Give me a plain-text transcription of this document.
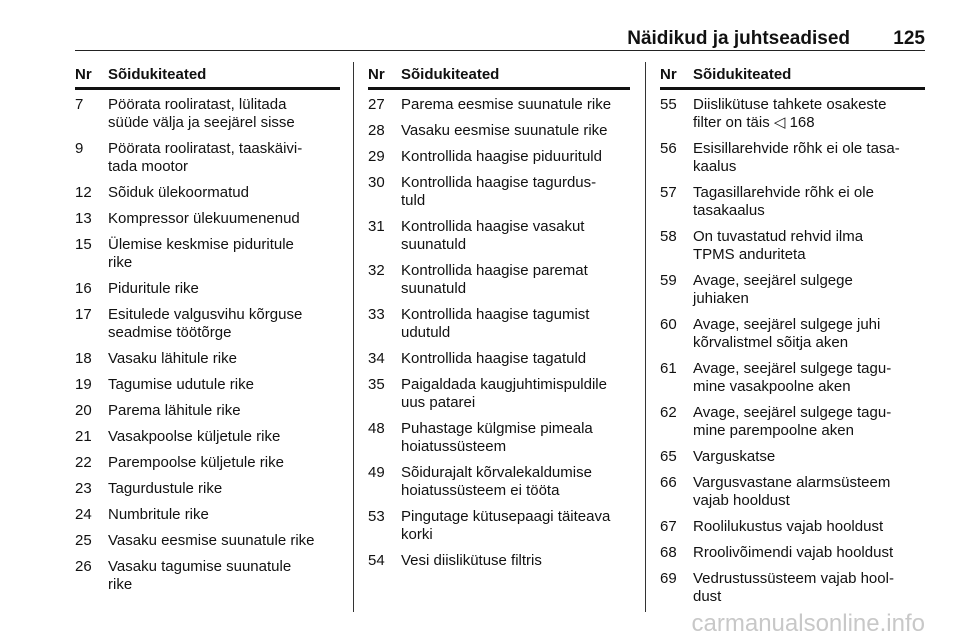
Näidikud ja juhtseadised 125
Nr	Sõidukiteated
7	Pöörata rooliratast, lülitada
süüde välja ja seejärel sisse
9	Pöörata rooliratast, taaskäivi-
tada mootor
12	Sõiduk ülekoormatud
13	Kompressor ülekuumenenud
15	Ülemise keskmise piduritule
rike
16	Piduritule rike
17	Esitulede valgusvihu kõrguse
seadmise töötõrge
18	Vasaku lähitule rike
19	Tagumise udutule rike
20	Parema lähitule rike
21	Vasakpoolse küljetule rike
22	Parempoolse küljetule rike
23	Tagurdustule rike
24	Numbritule rike
25	Vasaku eesmise suunatule rike
26	Vasaku tagumise suunatule
rike
Nr	Sõidukiteated
27	Parema eesmise suunatule rike
28	Vasaku eesmise suunatule rike
29	Kontrollida haagise piduurituld
30	Kontrollida haagise tagurdus-
tuld
31	Kontrollida haagise vasakut
suunatuld
32	Kontrollida haagise paremat
suunatuld
33	Kontrollida haagise tagumist
udutuld
34	Kontrollida haagise tagatuld
35	Paigaldada kaugjuhtimispuldile
uus patarei
48	Puhastage külgmise pimeala
hoiatussüsteem
49	Sõidurajalt kõrvalekaldumise
hoiatussüsteem ei tööta
53	Pingutage kütusepaagi täiteava
korki
54	Vesi diislikütuse filtris
Nr	Sõidukiteated
55	Diislikütuse tahkete osakeste
filter on täis ◁ 168
56	Esisillarehvide rõhk ei ole tasa-
kaalus
57	Tagasillarehvide rõhk ei ole
tasakaalus
58	On tuvastatud rehvid ilma
TPMS anduriteta
59	Avage, seejärel sulgege
juhiaken
60	Avage, seejärel sulgege juhi
kõrvalistmel sõitja aken
61	Avage, seejärel sulgege tagu-
mine vasakpoolne aken
62	Avage, seejärel sulgege tagu-
mine parempoolne aken
65	Varguskatse
66	Vargusvastane alarmsüsteem
vajab hooldust
67	Roolilukustus vajab hooldust
68	Rroolivõimendi vajab hooldust
69	Vedrustussüsteem vajab hool-
dust
carmanualsonline.info
